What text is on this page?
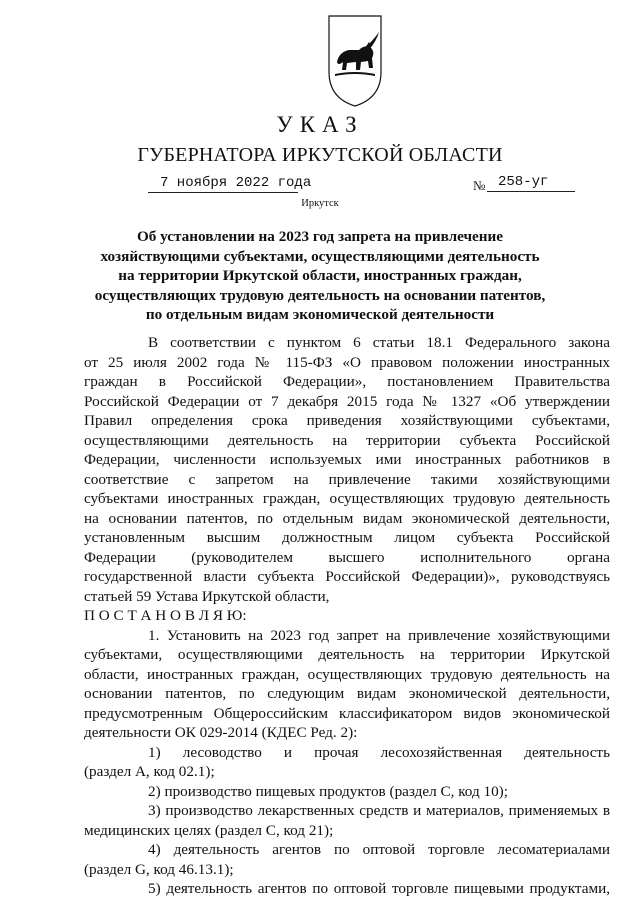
УКАЗ
ГУБЕРНАТОРА ИРКУТСКОЙ ОБЛАСТИ
7 ноября 2022 года	№ 258-уг
Иркутск
Об установлении на 2023 год запрета на привлечение
хозяйствующими субъектами, осуществляющими деятельность
на территории Иркутской области, иностранных граждан,
осуществляющих трудовую деятельность на основании патентов,
по отдельным видам экономической деятельности
В соответствии с пунктом 6 статьи 18.1 Федерального закона
от 25 июля 2002 года № 115-ФЗ «О правовом положении иностранных
граждан в Российской Федерации», постановлением Правительства
Российской Федерации от 7 декабря 2015 года № 1327 «Об утверждении
Правил определения срока приведения хозяйствующими субъектами,
осуществляющими деятельность на территории субъекта Российской
Федерации, численности используемых ими иностранных работников в
соответствие с запретом на привлечение такими хозяйствующими
субъектами иностранных граждан, осуществляющих трудовую деятельность
на основании патентов, по отдельным видам экономической деятельности,
установленным высшим должностным лицом субъекта Российской
Федерации (руководителем высшего исполнительного органа
государственной власти субъекта Российской Федерации)», руководствуясь
статьей 59 Устава Иркутской области,
П О С Т А Н О В Л Я Ю:
1. Установить на 2023 год запрет на привлечение хозяйствующими
субъектами, осуществляющими деятельность на территории Иркутской
области, иностранных граждан, осуществляющих трудовую деятельность на
основании патентов, по следующим видам экономической деятельности,
предусмотренным Общероссийским классификатором видов экономической
деятельности ОК 029-2014 (КДЕС Ред. 2):
1) лесоводство и прочая лесохозяйственная деятельность
(раздел А, код 02.1);
2) производство пищевых продуктов (раздел С, код 10);
3) производство лекарственных средств и материалов, применяемых в
медицинских целях (раздел С, код 21);
4) деятельность агентов по оптовой торговле лесоматериалами
(раздел G, код 46.13.1);
5) деятельность агентов по оптовой торговле пищевыми продуктами,
